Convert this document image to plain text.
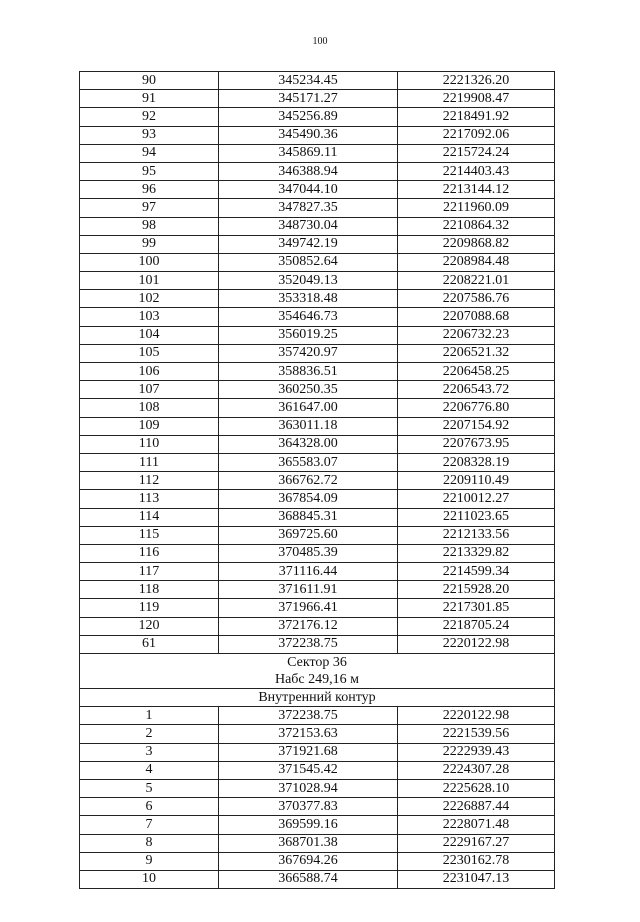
100
90	345234.45	2221326.20
91	345171.27	2219908.47
92	345256.89	2218491.92
93	345490.36	2217092.06
94	345869.11	2215724.24
95	346388.94	2214403.43
96	347044.10	2213144.12
97	347827.35	2211960.09
98	348730.04	2210864.32
99	349742.19	2209868.82
100	350852.64	2208984.48
101	352049.13	2208221.01
102	353318.48	2207586.76
103	354646.73	2207088.68
104	356019.25	2206732.23
105	357420.97	2206521.32
106	358836.51	2206458.25
107	360250.35	2206543.72
108	361647.00	2206776.80
109	363011.18	2207154.92
110	364328.00	2207673.95
111	365583.07	2208328.19
112	366762.72	2209110.49
113	367854.09	2210012.27
114	368845.31	2211023.65
115	369725.60	2212133.56
116	370485.39	2213329.82
117	371116.44	2214599.34
118	371611.91	2215928.20
119	371966.41	2217301.85
120	372176.12	2218705.24
61	372238.75	2220122.98

Сектор 36
Набс 249,16 м		

Внутренний контур		
1	372238.75	2220122.98
2	372153.63	2221539.56
3	371921.68	2222939.43
4	371545.42	2224307.28
5	371028.94	2225628.10
6	370377.83	2226887.44
7	369599.16	2228071.48
8	368701.38	2229167.27
9	367694.26	2230162.78
10	366588.74	2231047.13
